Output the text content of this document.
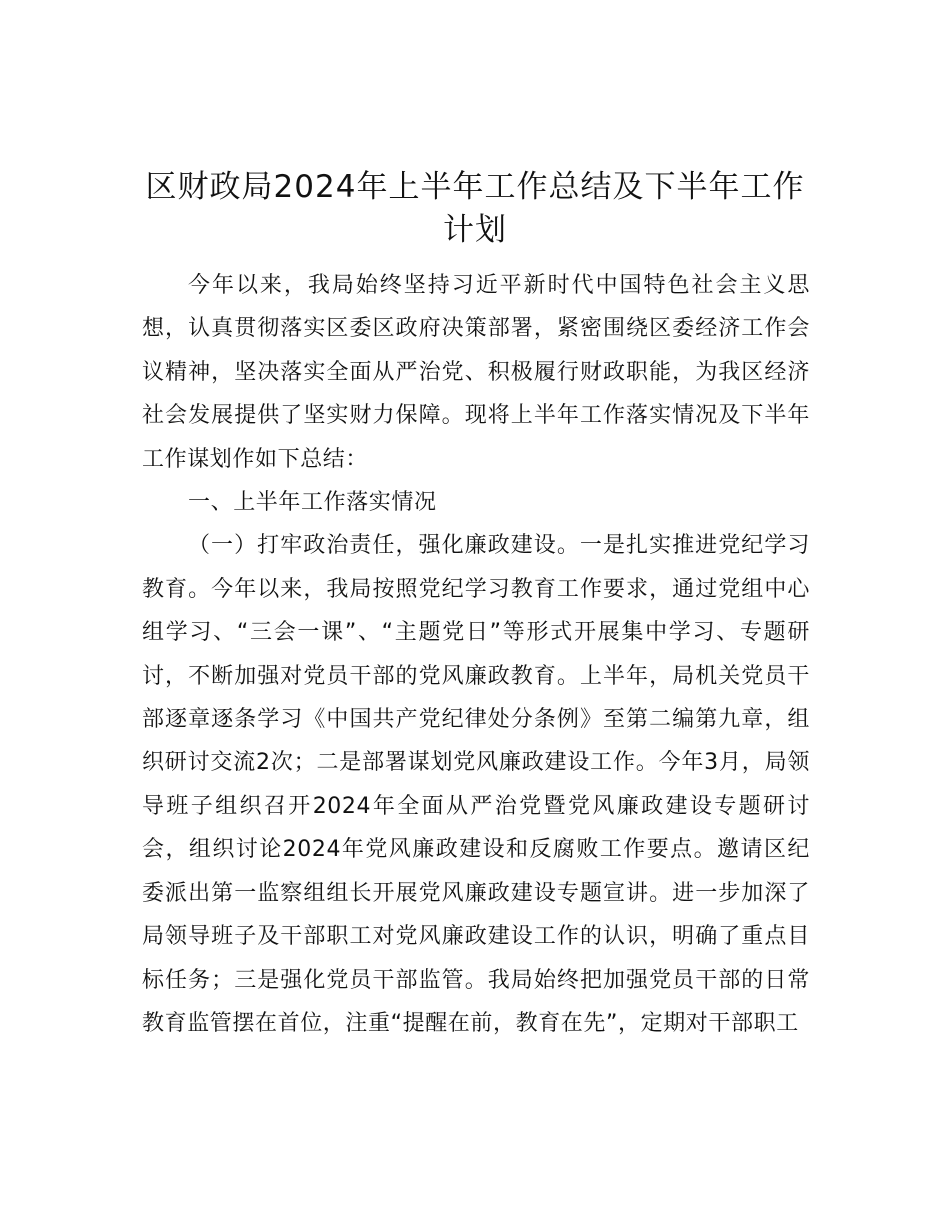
区财政局2024年上半年工作总结及下半年工作计划

今年以来，我局始终坚持习近平新时代中国特色社会主义思想，认真贯彻落实区委区政府决策部署，紧密围绕区委经济工作会议精神，坚决落实全面从严治党、积极履行财政职能，为我区经济社会发展提供了坚实财力保障。现将上半年工作落实情况及下半年工作谋划作如下总结：

一、上半年工作落实情况

（一）打牢政治责任，强化廉政建设。一是扎实推进党纪学习教育。今年以来，我局按照党纪学习教育工作要求，通过党组中心组学习、“三会一课”、“主题党日”等形式开展集中学习、专题研讨，不断加强对党员干部的党风廉政教育。上半年，局机关党员干部逐章逐条学习《中国共产党纪律处分条例》至第二编第九章，组织研讨交流2次；二是部署谋划党风廉政建设工作。今年3月，局领导班子组织召开2024年全面从严治党暨党风廉政建设专题研讨会，组织讨论2024年党风廉政建设和反腐败工作要点。邀请区纪委派出第一监察组组长开展党风廉政建设专题宣讲。进一步加深了局领导班子及干部职工对党风廉政建设工作的认识，明确了重点目标任务；三是强化党员干部监管。我局始终把加强党员干部的日常教育监管摆在首位，注重“提醒在前，教育在先”，定期对干部职工
